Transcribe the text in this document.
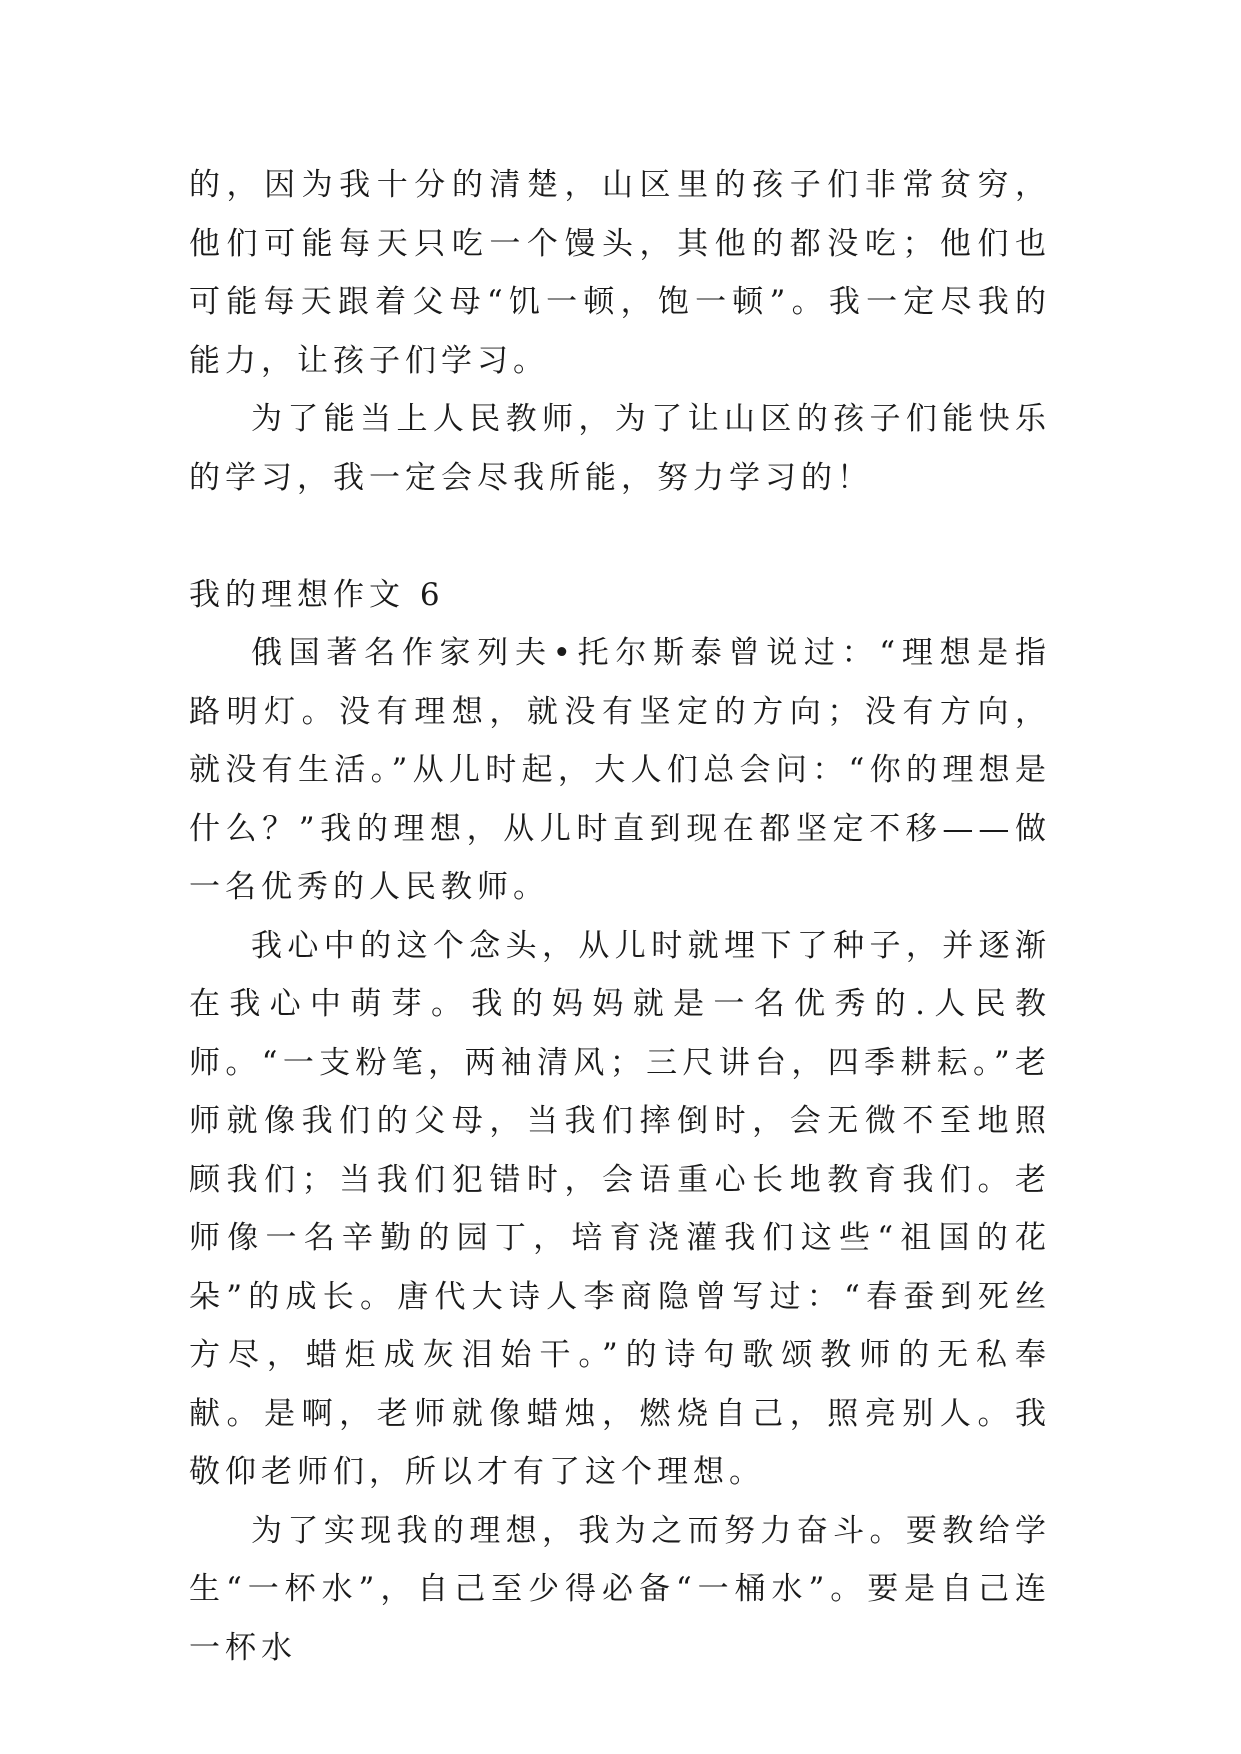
的，因为我十分的清楚，山区里的孩子们非常贫穷，他们可能每天只吃一个馒头，其他的都没吃；他们也可能每天跟着父母“饥一顿，饱一顿”。我一定尽我的能力，让孩子们学习。

为了能当上人民教师，为了让山区的孩子们能快乐的学习，我一定会尽我所能，努力学习的！

我的理想作文 6

俄国著名作家列夫•托尔斯泰曾说过：“理想是指路明灯。没有理想，就没有坚定的方向；没有方向，就没有生活。”从儿时起，大人们总会问：“你的理想是什么？”我的理想，从儿时直到现在都坚定不移——做一名优秀的人民教师。

我心中的这个念头，从儿时就埋下了种子，并逐渐在我心中萌芽。我的妈妈就是一名优秀的.人民教师。“一支粉笔，两袖清风；三尺讲台，四季耕耘。”老师就像我们的父母，当我们摔倒时，会无微不至地照顾我们；当我们犯错时，会语重心长地教育我们。老师像一名辛勤的园丁，培育浇灌我们这些“祖国的花朵”的成长。唐代大诗人李商隐曾写过：“春蚕到死丝方尽，蜡炬成灰泪始干。”的诗句歌颂教师的无私奉献。是啊，老师就像蜡烛，燃烧自己，照亮别人。我敬仰老师们，所以才有了这个理想。

为了实现我的理想，我为之而努力奋斗。要教给学生“一杯水”，自己至少得必备“一桶水”。要是自己连一杯水
